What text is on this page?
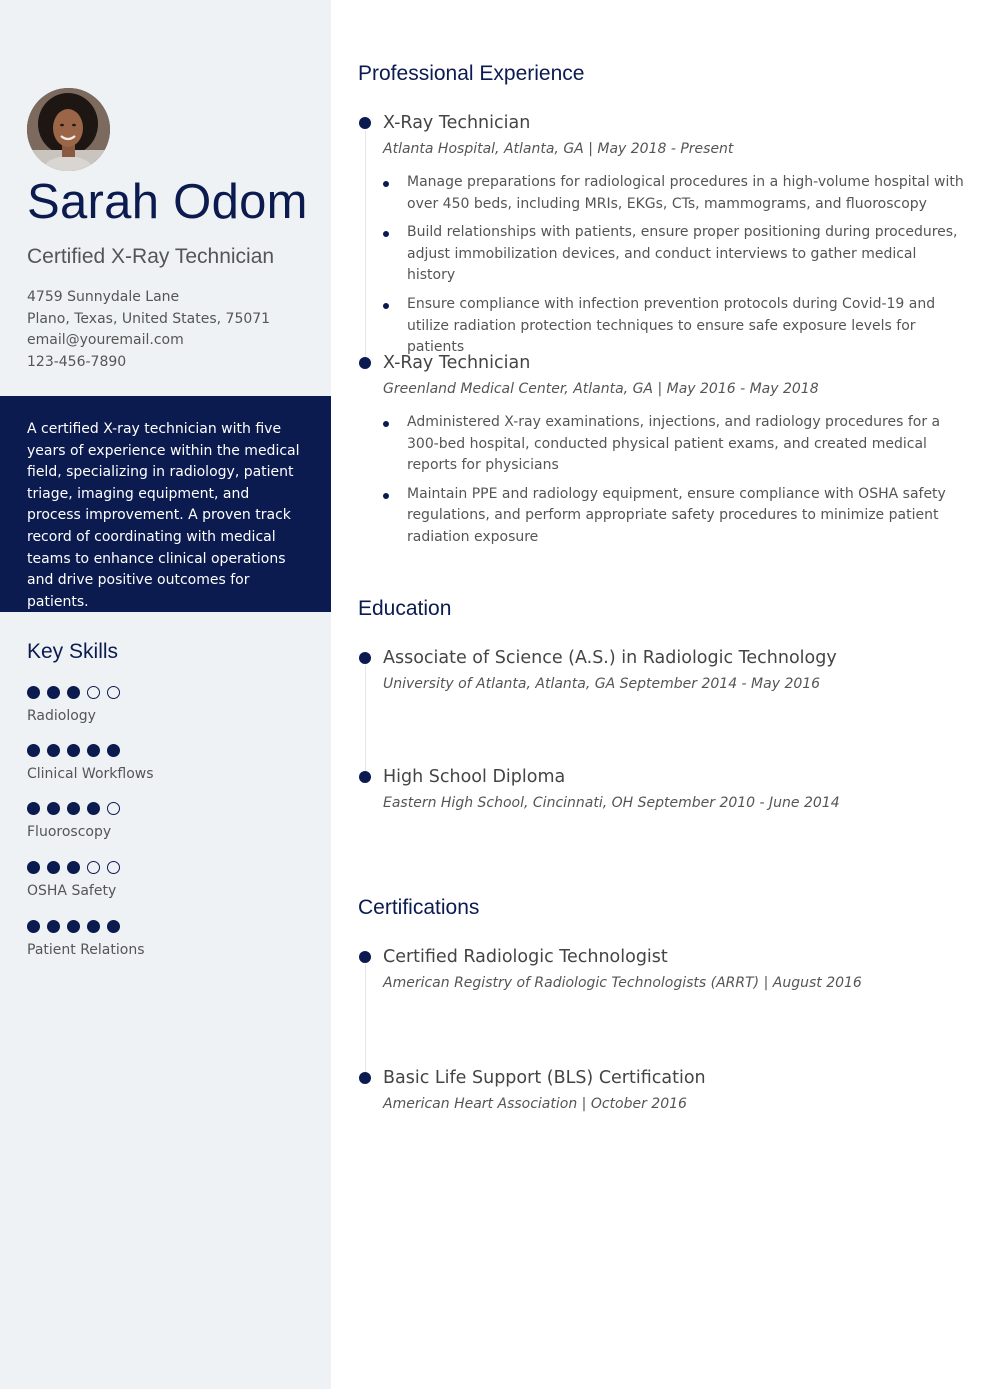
Sarah Odom
Certified X-Ray Technician
4759 Sunnydale Lane
Plano, Texas, United States, 75071
email@youremail.com
123-456-7890

A certified X-ray technician with five years of experience within the medical field, specializing in radiology, patient triage, imaging equipment, and process improvement. A proven track record of coordinating with medical teams to enhance clinical operations and drive positive outcomes for patients.

Key Skills
Radiology
Clinical Workflows
Fluoroscopy
OSHA Safety
Patient Relations
Professional Experience
X-Ray Technician
Atlanta Hospital, Atlanta, GA | May 2018 - Present
Manage preparations for radiological procedures in a high-volume hospital with over 450 beds, including MRIs, EKGs, CTs, mammograms, and fluoroscopy
Build relationships with patients, ensure proper positioning during procedures, adjust immobilization devices, and conduct interviews to gather medical history
Ensure compliance with infection prevention protocols during Covid-19 and utilize radiation protection techniques to ensure safe exposure levels for patients
X-Ray Technician
Greenland Medical Center, Atlanta, GA | May 2016 - May 2018
Administered X-ray examinations, injections, and radiology procedures for a 300-bed hospital, conducted physical patient exams, and created medical reports for physicians
Maintain PPE and radiology equipment, ensure compliance with OSHA safety regulations, and perform appropriate safety procedures to minimize patient radiation exposure
Education
Associate of Science (A.S.) in Radiologic Technology
University of Atlanta, Atlanta, GA September 2014 - May 2016
High School Diploma
Eastern High School, Cincinnati, OH September 2010 - June 2014
Certifications
Certified Radiologic Technologist
American Registry of Radiologic Technologists (ARRT) | August 2016
Basic Life Support (BLS) Certification
American Heart Association | October 2016
